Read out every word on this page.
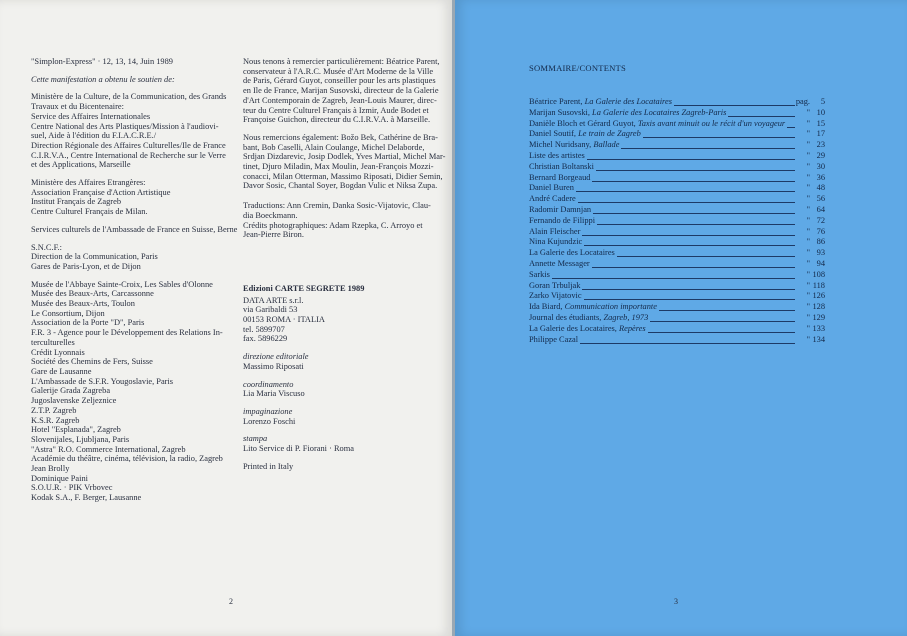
"Simplon-Express" · 12, 13, 14, Juin 1989
Cette manifestation a obtenu le soutien de:
Ministère de la Culture, de la Communication, des Grands
Travaux et du Bicentenaire:
Service des Affaires Internationales
Centre National des Arts Plastiques/Mission à l'audiovi-
suel, Aide à l'édition du F.I.A.C.R.E./
Direction Régionale des Affaires Culturelles/Ile de France
C.I.R.V.A., Centre International de Recherche sur le Verre
et des Applications, Marseille
Ministère des Affaires Etrangères:
Association Française d'Action Artistique
Institut Français de Zagreb
Centre Culturel Français de Milan.
Services culturels de l'Ambassade de France en Suisse, Berne
S.N.C.F.:
Direction de la Communication, Paris
Gares de Paris-Lyon, et de Dijon
Musée de l'Abbaye Sainte-Croix, Les Sables d'Olonne
Musée des Beaux-Arts, Carcassonne
Musée des Beaux-Arts, Toulon
Le Consortium, Dijon
Association de la Porte "D", Paris
F.R. 3 - Agence pour le Développement des Relations In-
terculturelles
Crédit Lyonnais
Société des Chemins de Fers, Suisse
Gare de Lausanne
L'Ambassade de S.F.R. Yougoslavie, Paris
Galerije Grada Zagreba
Jugoslavenske Zeljeznice
Z.T.P. Zagreb
K.S.R. Zagreb
Hotel "Esplanada", Zagreb
Slovenijales, Ljubljana, Paris
"Astra" R.O. Commerce International, Zagreb
Académie du théâtre, cinéma, télévision, la radio, Zagreb
Jean Brolly
Dominique Paini
S.O.U.R. · PIK Vrbovec
Kodak S.A., F. Berger, Lausanne
Nous tenons à remercier particulièrement: Béatrice Parent,
conservateur à l'A.R.C. Musée d'Art Moderne de la Ville
de Paris, Gérard Guyot, conseiller pour les arts plastiques
en Ile de France, Marijan Susovski, directeur de la Galerie
d'Art Contemporain de Zagreb, Jean-Louis Maurer, direc-
teur du Centre Culturel Français à Izmir, Aude Bodet et
Françoise Guichon, directeur du C.I.R.V.A. à Marseille.
Nous remercions également: Božo Bek, Cathérine de Bra-
bant, Bob Caselli, Alain Coulange, Michel Delaborde,
Srdjan Dizdarevic, Josip Dodlek, Yves Martial, Michel Mar-
tinet, Djuro Miladin, Max Moulin, Jean-François Mozzi-
conacci, Milan Otterman, Massimo Riposati, Didier Semin,
Davor Sosic, Chantal Soyer, Bogdan Vulic et Niksa Zupa.
Traductions: Ann Cremin, Danka Sosic-Vijatovic, Clau-
dia Boeckmann.
Crédits photographiques: Adam Rzepka, C. Arroyo et
Jean-Pierre Biron.
Edizioni CARTE SEGRETE 1989
DATA ARTE s.r.l.
via Garibaldi 53
00153 ROMA · ITALIA
tel. 5899707
fax. 5896229
direzione editoriale
Massimo Riposati
coordinamento
Lia Maria Viscuso
impaginazione
Lorenzo Foschi
stampa
Lito Service di P. Fiorani · Roma
Printed in Italy
2	3
SOMMAIRE/CONTENTS
Béatrice Parent, La Galerie des Locataires	pag.	5
Marijan Susovski, La Galerie des Locataires Zagreb-Paris	" 10
Danièle Bloch et Gérard Guyot, Taxis avant minuit ou le récit d'un voyageur	" 15
Daniel Soutif, Le train de Zagreb	" 17
Michel Nuridsany, Ballade	" 23
Liste des artistes	" 29
Christian Boltanski	" 30
Bernard Borgeaud	" 36
Daniel Buren	" 48
André Cadere	" 56
Radomir Damnjan	" 64
Fernando de Filippi	" 72
Alain Fleischer	" 76
Nina Kujundzic	" 86
La Galerie des Locataires	" 93
Annette Messager	" 94
Sarkis	" 108
Goran Trbuljak	" 118
Zarko Vijatovic	" 126
Ida Biard, Communication importante	" 128
Journal des étudiants, Zagreb, 1973	" 129
La Galerie des Locataires, Repères	" 133
Philippe Cazal	" 134
